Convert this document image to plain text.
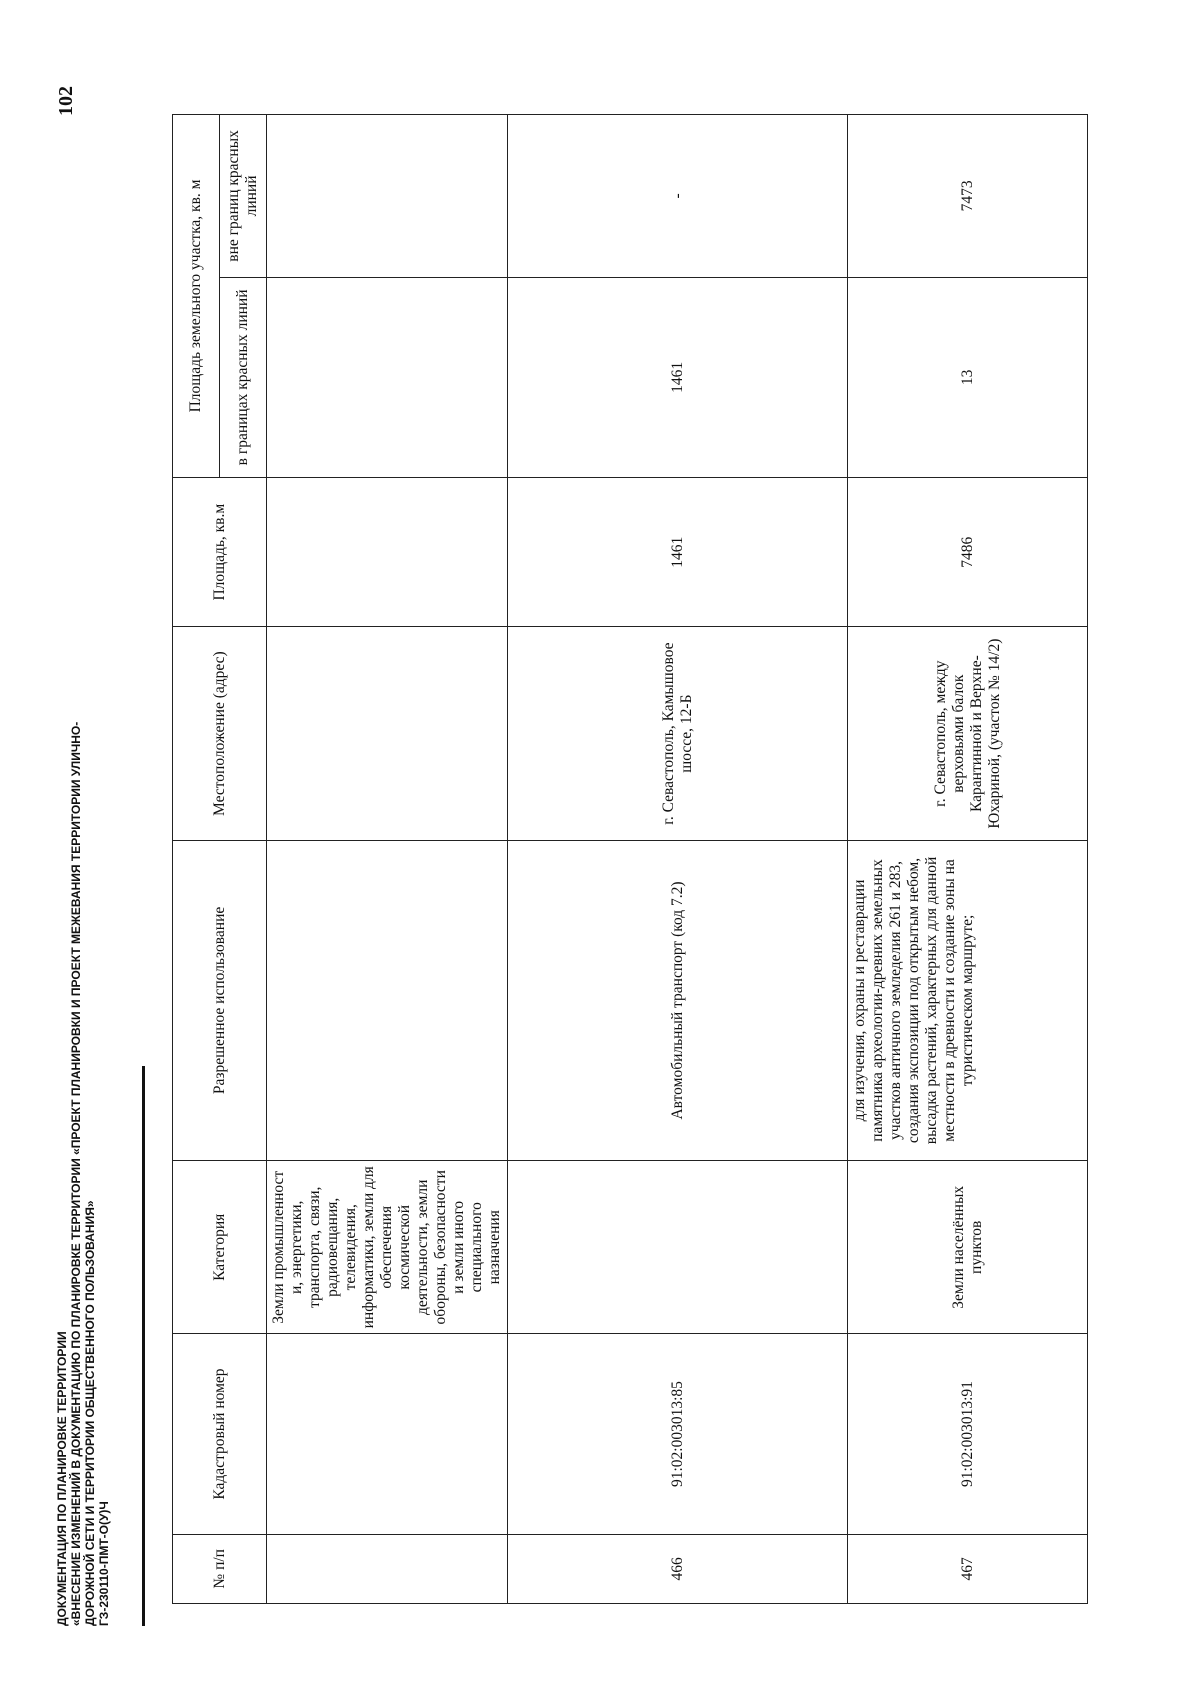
ДОКУМЕНТАЦИЯ ПО ПЛАНИРОВКЕ ТЕРРИТОРИИ «ВНЕСЕНИЕ ИЗМЕНЕНИЙ В ДОКУМЕНТАЦИЮ ПО ПЛАНИРОВКЕ ТЕРРИТОРИИ «ПРОЕКТ ПЛАНИРОВКИ И ПРОЕКТ МЕЖЕВАНИЯ ТЕРРИТОРИИ УЛИЧНО- ДОРОЖНОЙ СЕТИ И ТЕРРИТОРИИ ОБЩЕСТВЕННОГО ПОЛЬЗОВАНИЯ» ГЗ-230110-ПМТ-О(У)Ч
102
№ п/п	Кадастровый номер	Категория	Разрешенное использование	Местоположение (адрес)	Площадь, кв.м	Площадь земельного участка, кв. м	
						в границах красных линий	вне границ красных линий
		Земли промышленност и, энергетики, транспорта, связи, радиовещания, телевидения, информатики, земли для обеспечения космической деятельности, земли обороны, безопасности и земли иного специального назначения					
466	91:02:003013:85		Автомобильный транспорт (код 7.2)	г. Севастополь, Камышовое шоссе, 12-Б	1461	1461	-
467	91:02:003013:91	Земли населённых пунктов	для изучения, охраны и реставрации памятника археологии-древних земельных участков античного земледелия 261 и 283, создания экспозиции под открытым небом, высадка растений, характерных для данной местности в древности и создание зоны на туристическом маршруте;	г. Севастополь, между верховьями балок Карантинной и Верхне-Юхариной, (участок № 14/2)	7486	13	7473
